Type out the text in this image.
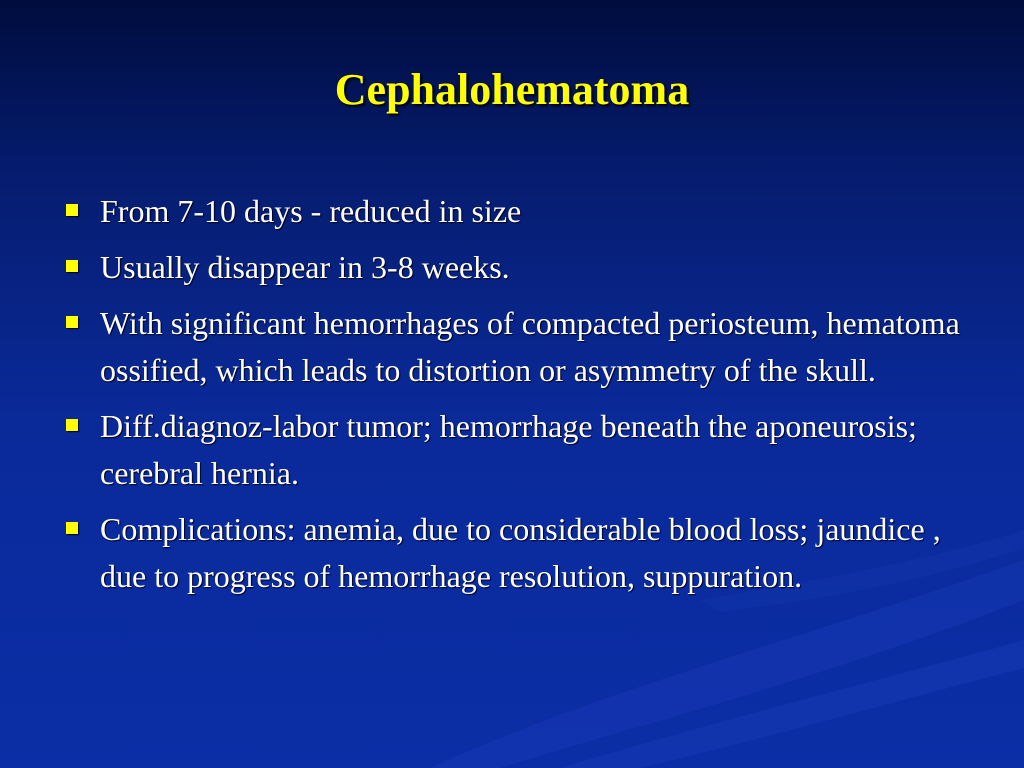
Cephalohematoma
From 7-10 days - reduced in size
Usually disappear in 3-8 weeks.
With significant hemorrhages of compacted periosteum, hematoma ossified, which leads to distortion or asymmetry of the skull.
Diff.diagnoz-labor tumor; hemorrhage beneath the aponeurosis; cerebral hernia.
Complications: anemia, due to considerable blood loss; jaundice , due to progress of hemorrhage resolution, suppuration.
